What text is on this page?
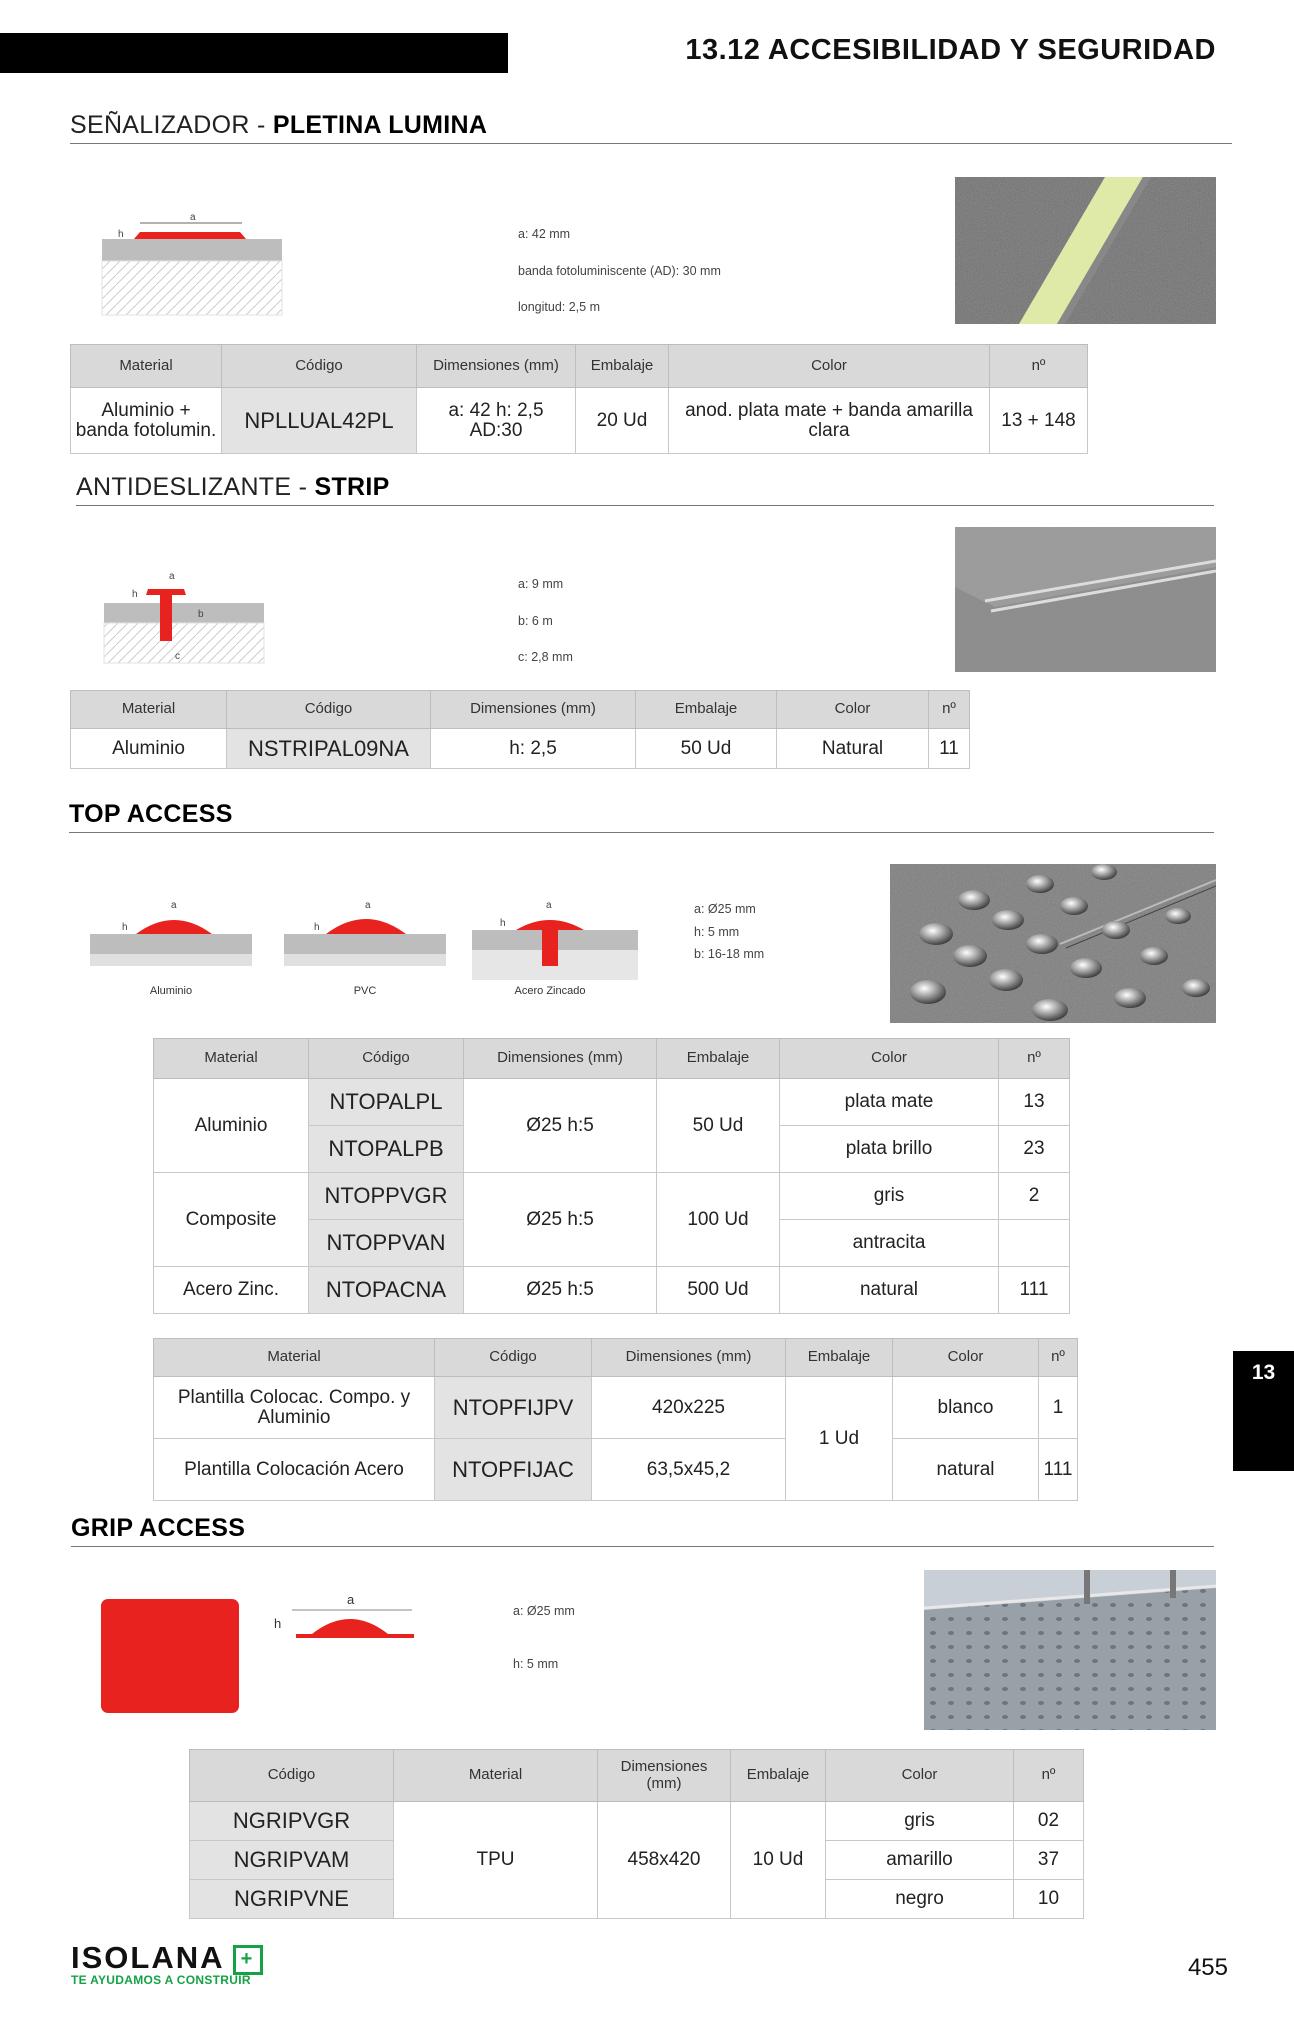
13.12 ACCESIBILIDAD Y SEGURIDAD
SEÑALIZADOR - PLETINA LUMINA
a
h	a: 42 mm
banda fotoluminiscente (AD): 30 mm
longitud: 2,5 m
Material	Código	Dimensiones (mm)	Embalaje	Color	nº
Aluminio + banda fotolumin.	NPLLUAL42PL	a: 42 h: 2,5 AD:30	20 Ud	anod. plata mate + banda amarilla clara	13 + 148
ANTIDESLIZANTE - STRIP
a
h
b
c
a: 9 mm
b: 6 m
c: 2,8 mm
Material	Código	Dimensiones (mm)	Embalaje	Color	nº
Aluminio	NSTRIPAL09NA	h: 2,5	50 Ud	Natural	11
TOP ACCESS
a
h
Aluminio
a
h
PVC
a
h
Acero Zincado
a: Ø25 mm
h: 5 mm
b: 16-18 mm
Material	Código	Dimensiones (mm)	Embalaje	Color	nº
Aluminio	NTOPALPL	Ø25 h:5	50 Ud	plata mate	13
	NTOPALPB			plata brillo	23
Composite	NTOPPVGR	Ø25 h:5	100 Ud	gris	2
	NTOPPVAN			antracita	
Acero Zinc.	NTOPACNA	Ø25 h:5	500 Ud	natural	111
Material	Código	Dimensiones (mm)	Embalaje	Color	nº
Plantilla Colocac. Compo. y Aluminio	NTOPFIJPV	420x225	1 Ud	blanco	1
Plantilla Colocación Acero	NTOPFIJAC	63,5x45,2		natural	111
13
GRIP ACCESS
a
h
a: Ø25 mm
h: 5 mm
Código	Material	Dimensiones (mm)	Embalaje	Color	nº
NGRIPVGR	TPU	458x420	10 Ud	gris	02
NGRIPVAM				amarillo	37
NGRIPVNE				negro	10
ISOLANA +
TE AYUDAMOS A CONSTRUIR	455
